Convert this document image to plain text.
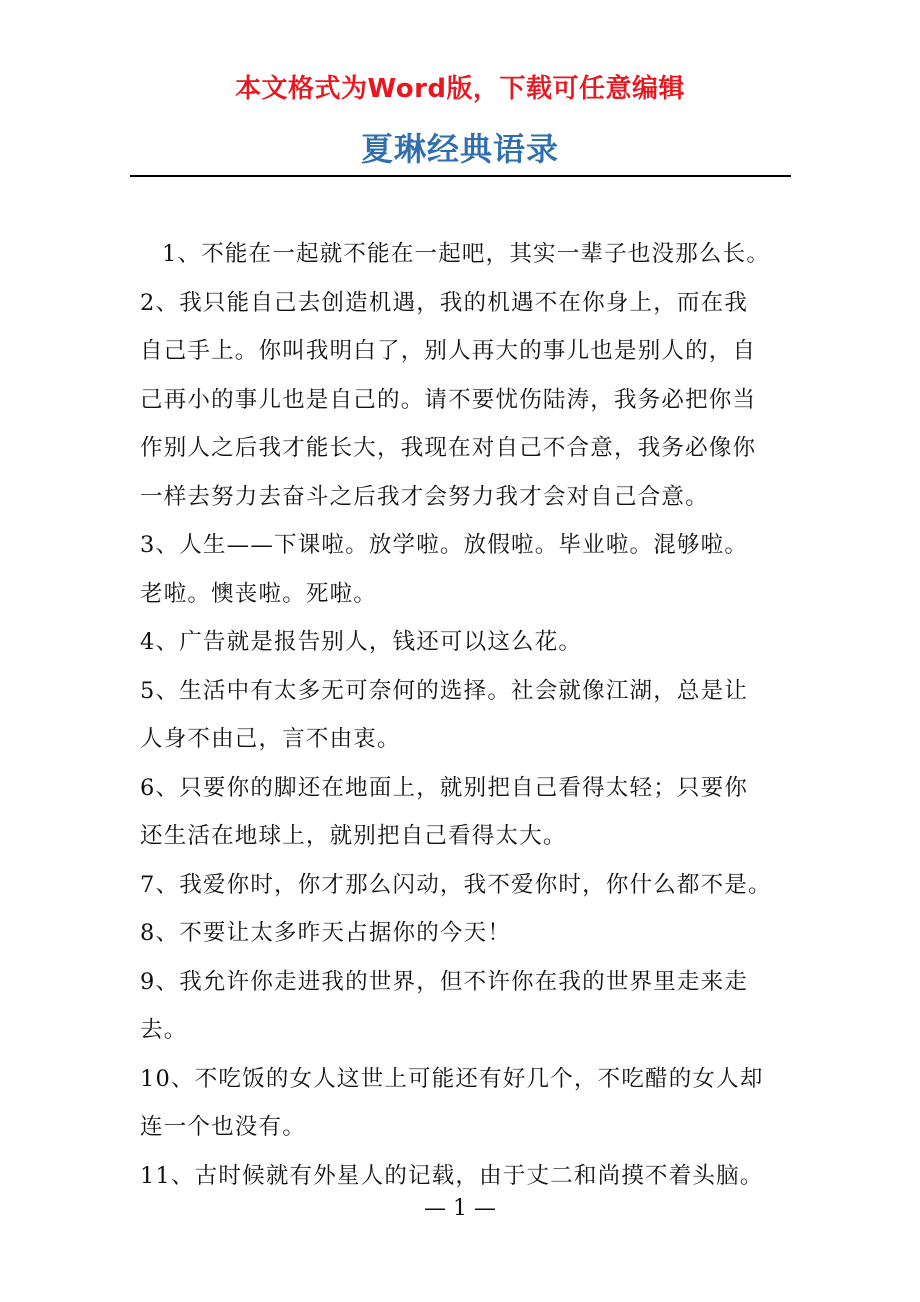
本文格式为Word版，下载可任意编辑
夏琳经典语录
1、不能在一起就不能在一起吧，其实一辈子也没那么长。
2、我只能自己去创造机遇，我的机遇不在你身上，而在我
自己手上。你叫我明白了，别人再大的事儿也是别人的，自
己再小的事儿也是自己的。请不要忧伤陆涛，我务必把你当
作别人之后我才能长大，我现在对自己不合意，我务必像你
一样去努力去奋斗之后我才会努力我才会对自己合意。
3、人生——下课啦。放学啦。放假啦。毕业啦。混够啦。
老啦。懊丧啦。死啦。
4、广告就是报告别人，钱还可以这么花。
5、生活中有太多无可奈何的选择。社会就像江湖，总是让
人身不由己，言不由衷。
6、只要你的脚还在地面上，就别把自己看得太轻；只要你
还生活在地球上，就别把自己看得太大。
7、我爱你时，你才那么闪动，我不爱你时，你什么都不是。
8、不要让太多昨天占据你的今天！
9、我允许你走进我的世界，但不许你在我的世界里走来走
去。
10、不吃饭的女人这世上可能还有好几个，不吃醋的女人却
连一个也没有。
11、古时候就有外星人的记载，由于丈二和尚摸不着头脑。
— 1 —
